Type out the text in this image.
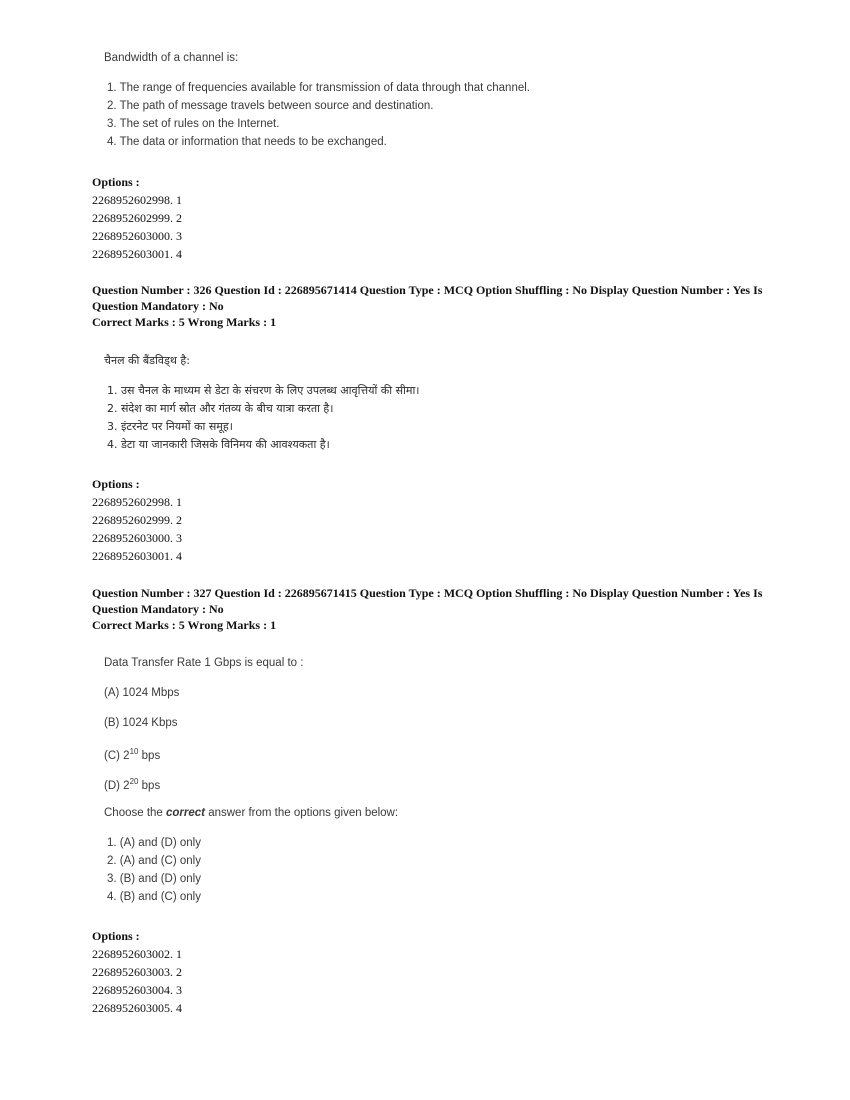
Bandwidth of a channel is:
1. The range of frequencies available for transmission of data through that channel.
2. The path of message travels between source and destination.
3. The set of rules on the Internet.
4. The data or information that needs to be exchanged.
Options :
2268952602998. 1
2268952602999. 2
2268952603000. 3
2268952603001. 4
Question Number : 326 Question Id : 226895671414 Question Type : MCQ Option Shuffling : No Display Question Number : Yes Is Question Mandatory : No
Correct Marks : 5 Wrong Marks : 1
चैनल की बैंडविड्थ है:
1. उस चैनल के माध्यम से डेटा के संचरण के लिए उपलब्ध आवृत्तियों की सीमा।
2. संदेश का मार्ग स्रोत और गंतव्य के बीच यात्रा करता है।
3. इंटरनेट पर नियमों का समूह।
4. डेटा या जानकारी जिसके विनिमय की आवश्यकता है।
Options :
2268952602998. 1
2268952602999. 2
2268952603000. 3
2268952603001. 4
Question Number : 327 Question Id : 226895671415 Question Type : MCQ Option Shuffling : No Display Question Number : Yes Is Question Mandatory : No
Correct Marks : 5 Wrong Marks : 1
Data Transfer Rate 1 Gbps is equal to :
(A) 1024 Mbps
(B) 1024 Kbps
(C) $2^{10}$ bps
(D) $2^{20}$ bps
Choose the correct answer from the options given below:
1. (A) and (D) only
2. (A) and (C) only
3. (B) and (D) only
4. (B) and (C) only
Options :
2268952603002. 1
2268952603003. 2
2268952603004. 3
2268952603005. 4
